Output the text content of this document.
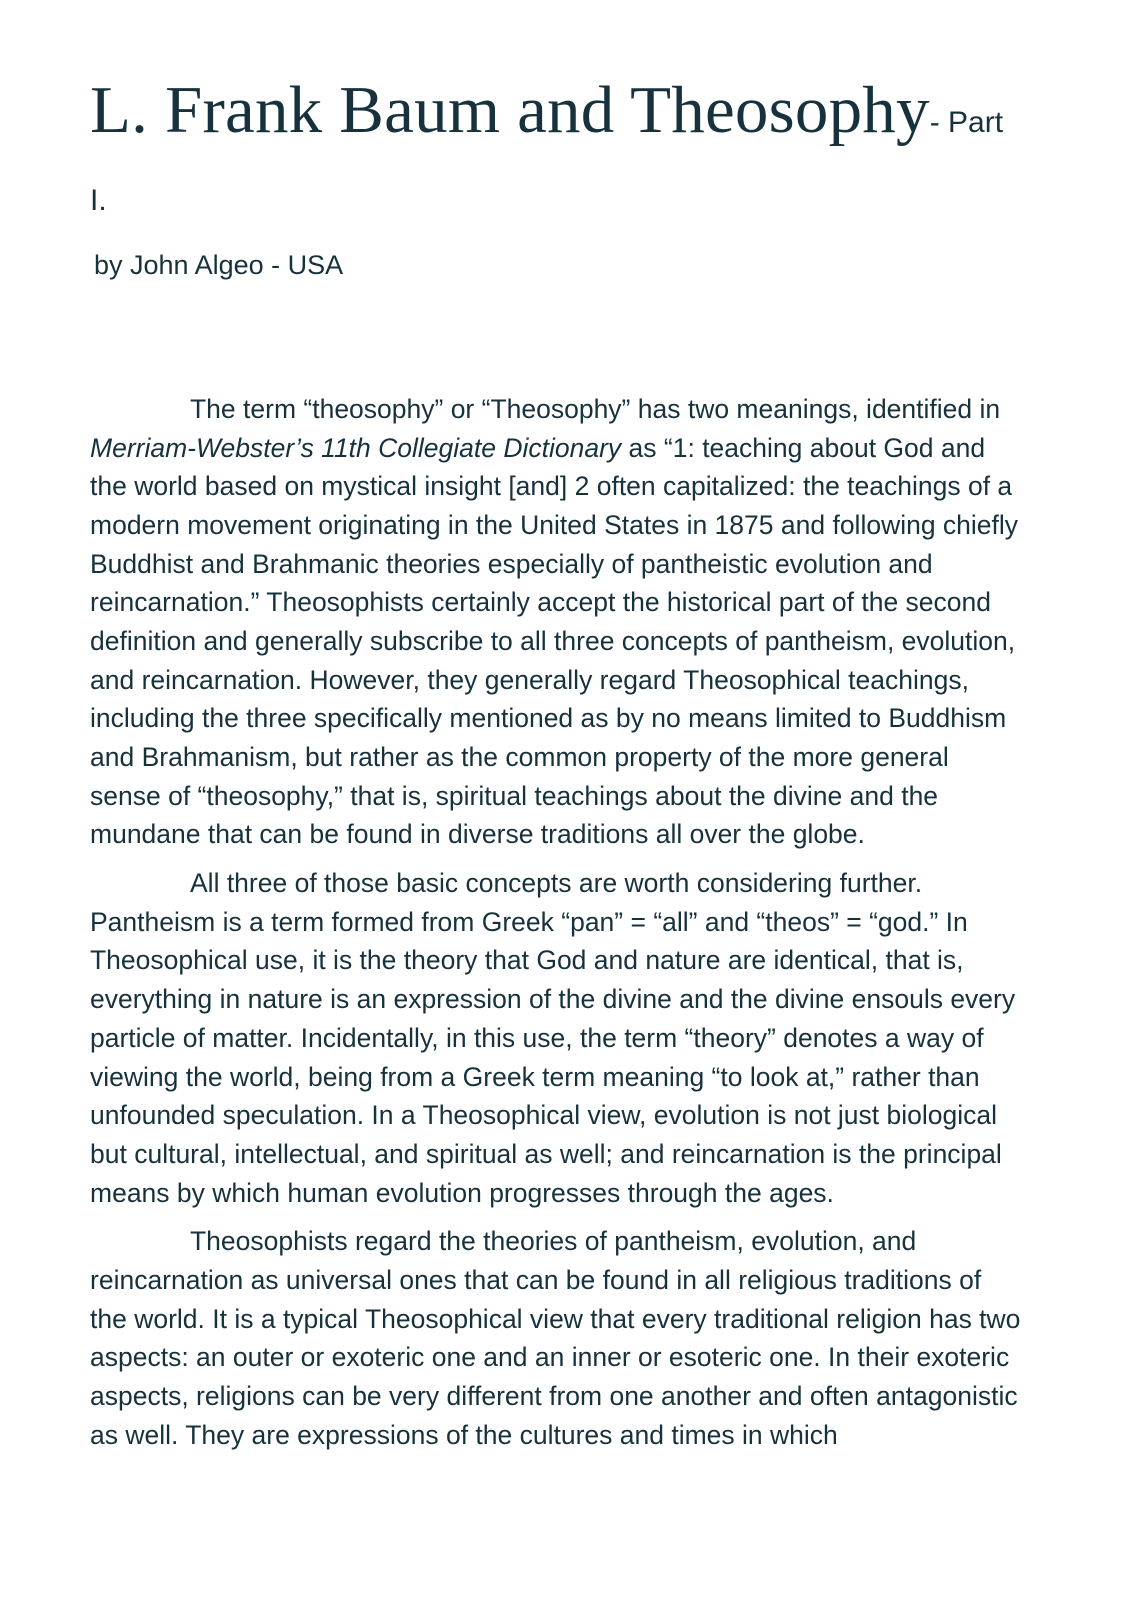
L. Frank Baum and Theosophy- Part I.
by John Algeo - USA

The term “theosophy” or “Theosophy” has two meanings, identified in Merriam-Webster’s 11th Collegiate Dictionary as “1: teaching about God and the world based on mystical insight [and] 2 often capitalized: the teachings of a modern movement originating in the United States in 1875 and following chiefly Buddhist and Brahmanic theories especially of pantheistic evolution and reincarnation.” Theosophists certainly accept the historical part of the second definition and generally subscribe to all three concepts of pantheism, evolution, and reincarnation. However, they generally regard Theosophical teachings, including the three specifically mentioned as by no means limited to Buddhism and Brahmanism, but rather as the common property of the more general sense of “theosophy,” that is, spiritual teachings about the divine and the mundane that can be found in diverse traditions all over the globe.

All three of those basic concepts are worth considering further. Pantheism is a term formed from Greek “pan” = “all” and “theos” = “god.” In Theosophical use, it is the theory that God and nature are identical, that is, everything in nature is an expression of the divine and the divine ensouls every particle of matter. Incidentally, in this use, the term “theory” denotes a way of viewing the world, being from a Greek term meaning “to look at,” rather than unfounded speculation. In a Theosophical view, evolution is not just biological but cultural, intellectual, and spiritual as well; and reincarnation is the principal means by which human evolution progresses through the ages.

Theosophists regard the theories of pantheism, evolution, and reincarnation as universal ones that can be found in all religious traditions of the world. It is a typical Theosophical view that every traditional religion has two aspects: an outer or exoteric one and an inner or esoteric one. In their exoteric aspects, religions can be very different from one another and often antagonistic as well. They are expressions of the cultures and times in which
